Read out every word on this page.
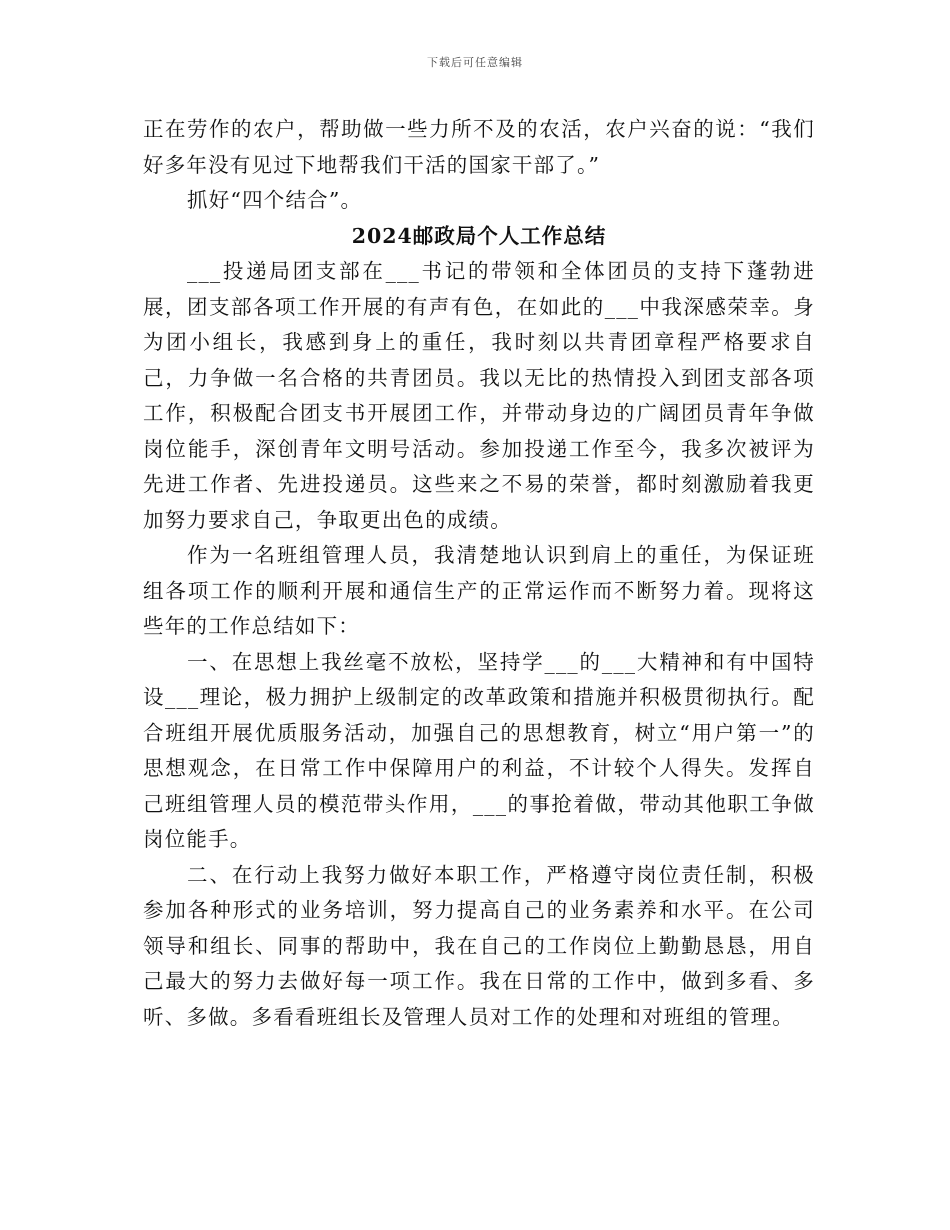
下载后可任意编辑

正在劳作的农户，帮助做一些力所不及的农活，农户兴奋的说：“我们好多年没有见过下地帮我们干活的国家干部了。”

抓好“四个结合”。

2024邮政局个人工作总结

___投递局团支部在___书记的带领和全体团员的支持下蓬勃进展，团支部各项工作开展的有声有色，在如此的___中我深感荣幸。身为团小组长，我感到身上的重任，我时刻以共青团章程严格要求自己，力争做一名合格的共青团员。我以无比的热情投入到团支部各项工作，积极配合团支书开展团工作，并带动身边的广阔团员青年争做岗位能手，深创青年文明号活动。参加投递工作至今，我多次被评为先进工作者、先进投递员。这些来之不易的荣誉，都时刻激励着我更加努力要求自己，争取更出色的成绩。

作为一名班组管理人员，我清楚地认识到肩上的重任，为保证班组各项工作的顺利开展和通信生产的正常运作而不断努力着。现将这些年的工作总结如下：

一、在思想上我丝毫不放松，坚持学___的___大精神和有中国特设___理论，极力拥护上级制定的改革政策和措施并积极贯彻执行。配合班组开展优质服务活动，加强自己的思想教育，树立“用户第一”的思想观念，在日常工作中保障用户的利益，不计较个人得失。发挥自己班组管理人员的模范带头作用，___的事抢着做，带动其他职工争做岗位能手。

二、在行动上我努力做好本职工作，严格遵守岗位责任制，积极参加各种形式的业务培训，努力提高自己的业务素养和水平。在公司领导和组长、同事的帮助中，我在自己的工作岗位上勤勤恳恳，用自己最大的努力去做好每一项工作。我在日常的工作中，做到多看、多听、多做。多看看班组长及管理人员对工作的处理和对班组的管理。
